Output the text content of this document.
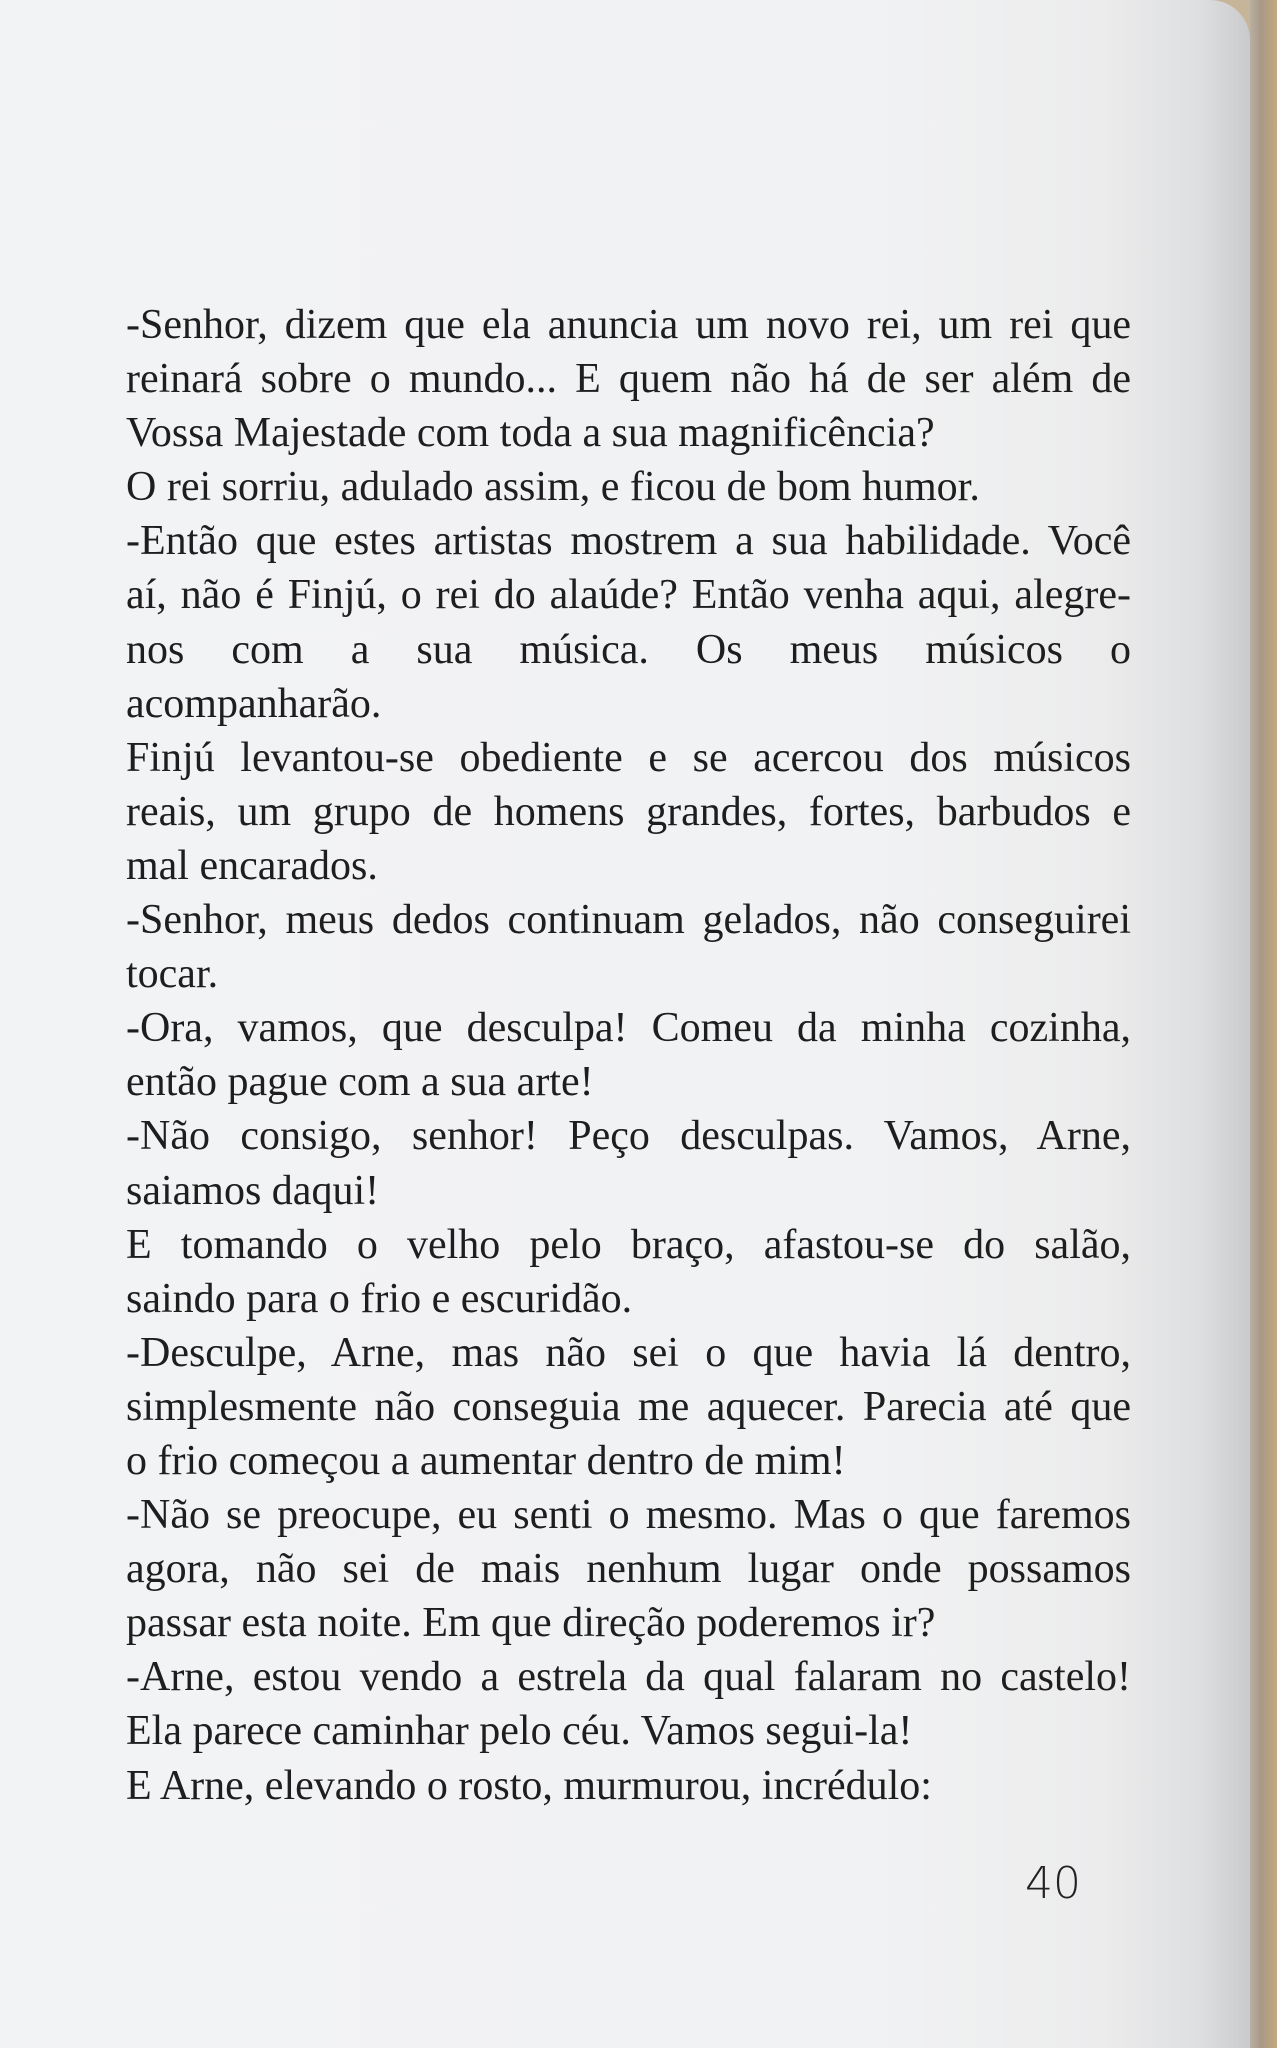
-Senhor, dizem que ela anuncia um novo rei, um rei que
reinará sobre o mundo... E quem não há de ser além de
Vossa Majestade com toda a sua magnificência?
O rei sorriu, adulado assim, e ficou de bom humor.
-Então que estes artistas mostrem a sua habilidade. Você
aí, não é Finjú, o rei do alaúde? Então venha aqui, alegre-
nos com a sua música. Os meus músicos o
acompanharão.
Finjú levantou-se obediente e se acercou dos músicos
reais, um grupo de homens grandes, fortes, barbudos e
mal encarados.
-Senhor, meus dedos continuam gelados, não conseguirei
tocar.
-Ora, vamos, que desculpa! Comeu da minha cozinha,
então pague com a sua arte!
-Não consigo, senhor! Peço desculpas. Vamos, Arne,
saiamos daqui!
E tomando o velho pelo braço, afastou-se do salão,
saindo para o frio e escuridão.
-Desculpe, Arne, mas não sei o que havia lá dentro,
simplesmente não conseguia me aquecer. Parecia até que
o frio começou a aumentar dentro de mim!
-Não se preocupe, eu senti o mesmo. Mas o que faremos
agora, não sei de mais nenhum lugar onde possamos
passar esta noite. Em que direção poderemos ir?
-Arne, estou vendo a estrela da qual falaram no castelo!
Ela parece caminhar pelo céu. Vamos segui-la!
E Arne, elevando o rosto, murmurou, incrédulo:
40
